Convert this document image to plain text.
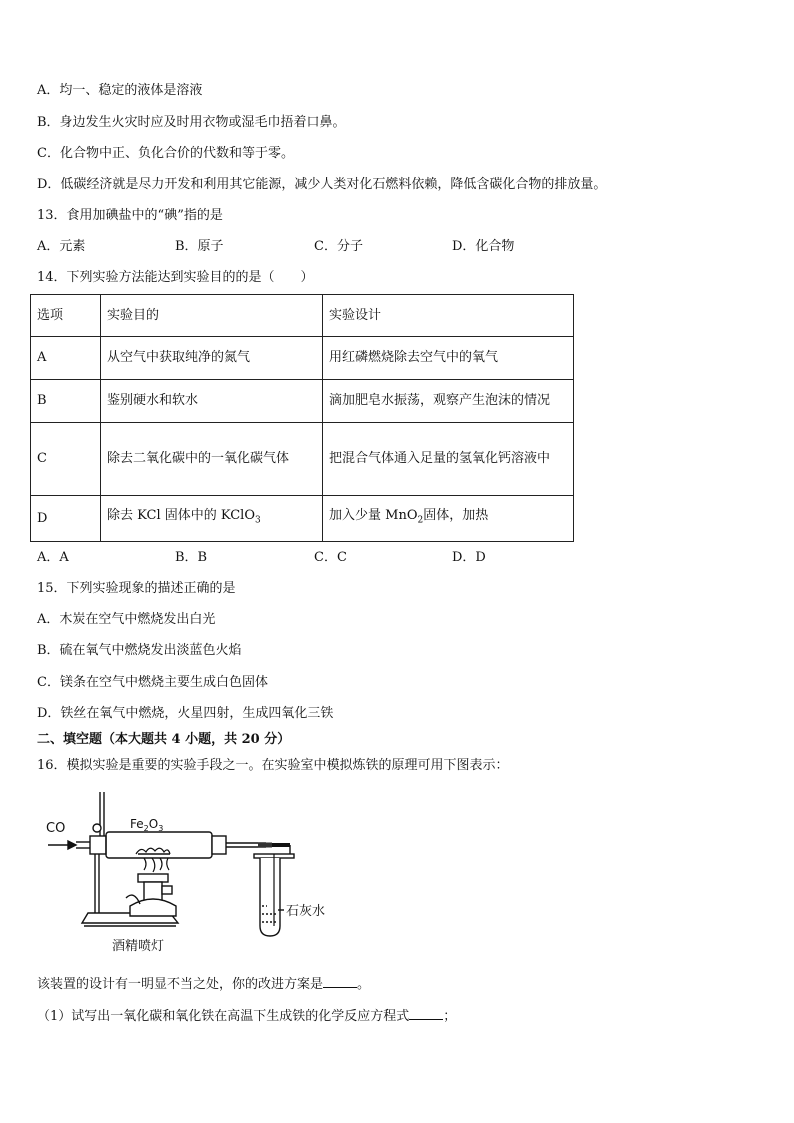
A．均一、稳定的液体是溶液
B．身边发生火灾时应及时用衣物或湿毛巾捂着口鼻。
C．化合物中正、负化合价的代数和等于零。
D．低碳经济就是尽力开发和利用其它能源，减少人类对化石燃料依赖，降低含碳化合物的排放量。
13．食用加碘盐中的“碘”指的是
A．元素	B．原子	C．分子	D．化合物
14．下列实验方法能达到实验目的的是（　　）
选项	实验目的	实验设计
A	从空气中获取纯净的氮气	用红磷燃烧除去空气中的氧气
B	鉴别硬水和软水	滴加肥皂水振荡，观察产生泡沫的情况
C	除去二氧化碳中的一氧化碳气体	把混合气体通入足量的氢氧化钙溶液中
D	除去 KCl 固体中的 KClO$_3$	加入少量 MnO$_2$固体，加热
A．A	B．B	C．C	D．D
15．下列实验现象的描述正确的是
A．木炭在空气中燃烧发出白光
B．硫在氧气中燃烧发出淡蓝色火焰
C．镁条在空气中燃烧主要生成白色固体
D．铁丝在氧气中燃烧，火星四射，生成四氧化三铁
二、填空题（本大题共 4 小题，共 20 分）
16．模拟实验是重要的实验手段之一。在实验室中模拟炼铁的原理可用下图表示：
CO	$Fe_2O_3$
石灰水
酒精喷灯
该装置的设计有一明显不当之处，你的改进方案是	。
（1）试写出一氧化碳和氧化铁在高温下生成铁的化学反应方程式	；
